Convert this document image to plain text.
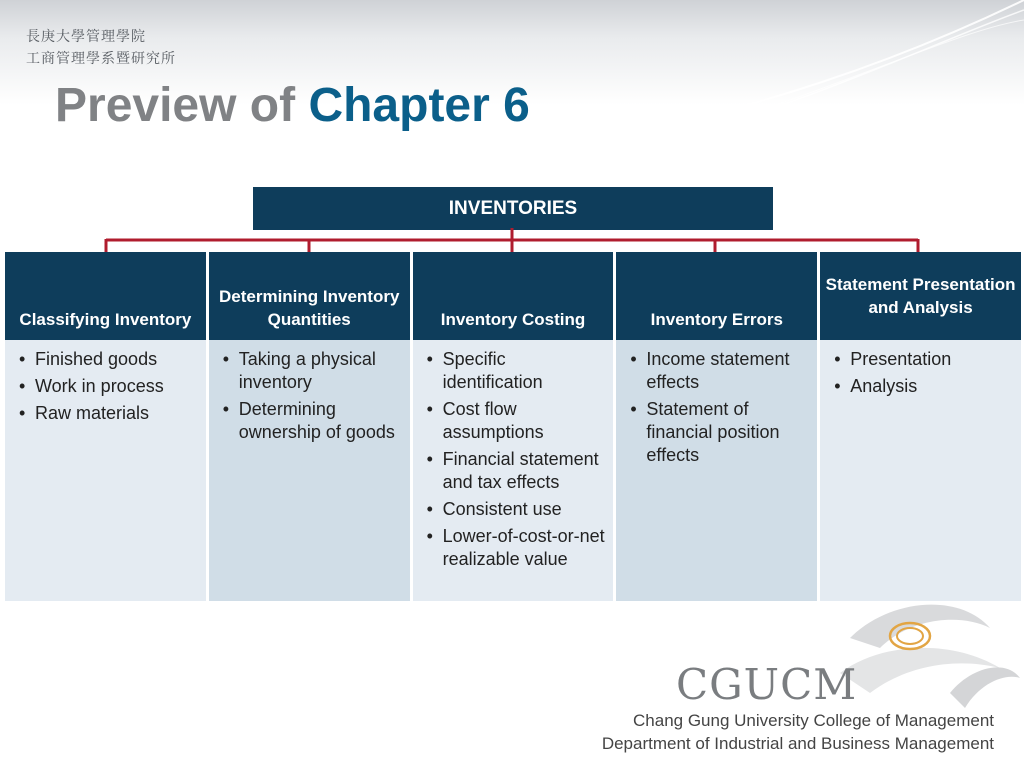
長庚大學管理學院
工商管理學系暨研究所
Preview of Chapter 6
INVENTORIES
Classifying Inventory
• Finished goods
• Work in process
• Raw materials
Determining Inventory Quantities
• Taking a physical inventory
• Determining ownership of goods
Inventory Costing
• Specific identification
• Cost flow assumptions
• Financial statement and tax effects
• Consistent use
• Lower-of-cost-or-net realizable value
Inventory Errors
• Income statement effects
• Statement of financial position effects
Statement Presentation and Analysis
• Presentation
• Analysis
CGUCM
Chang Gung University College of Management
Department of Industrial and Business Management
